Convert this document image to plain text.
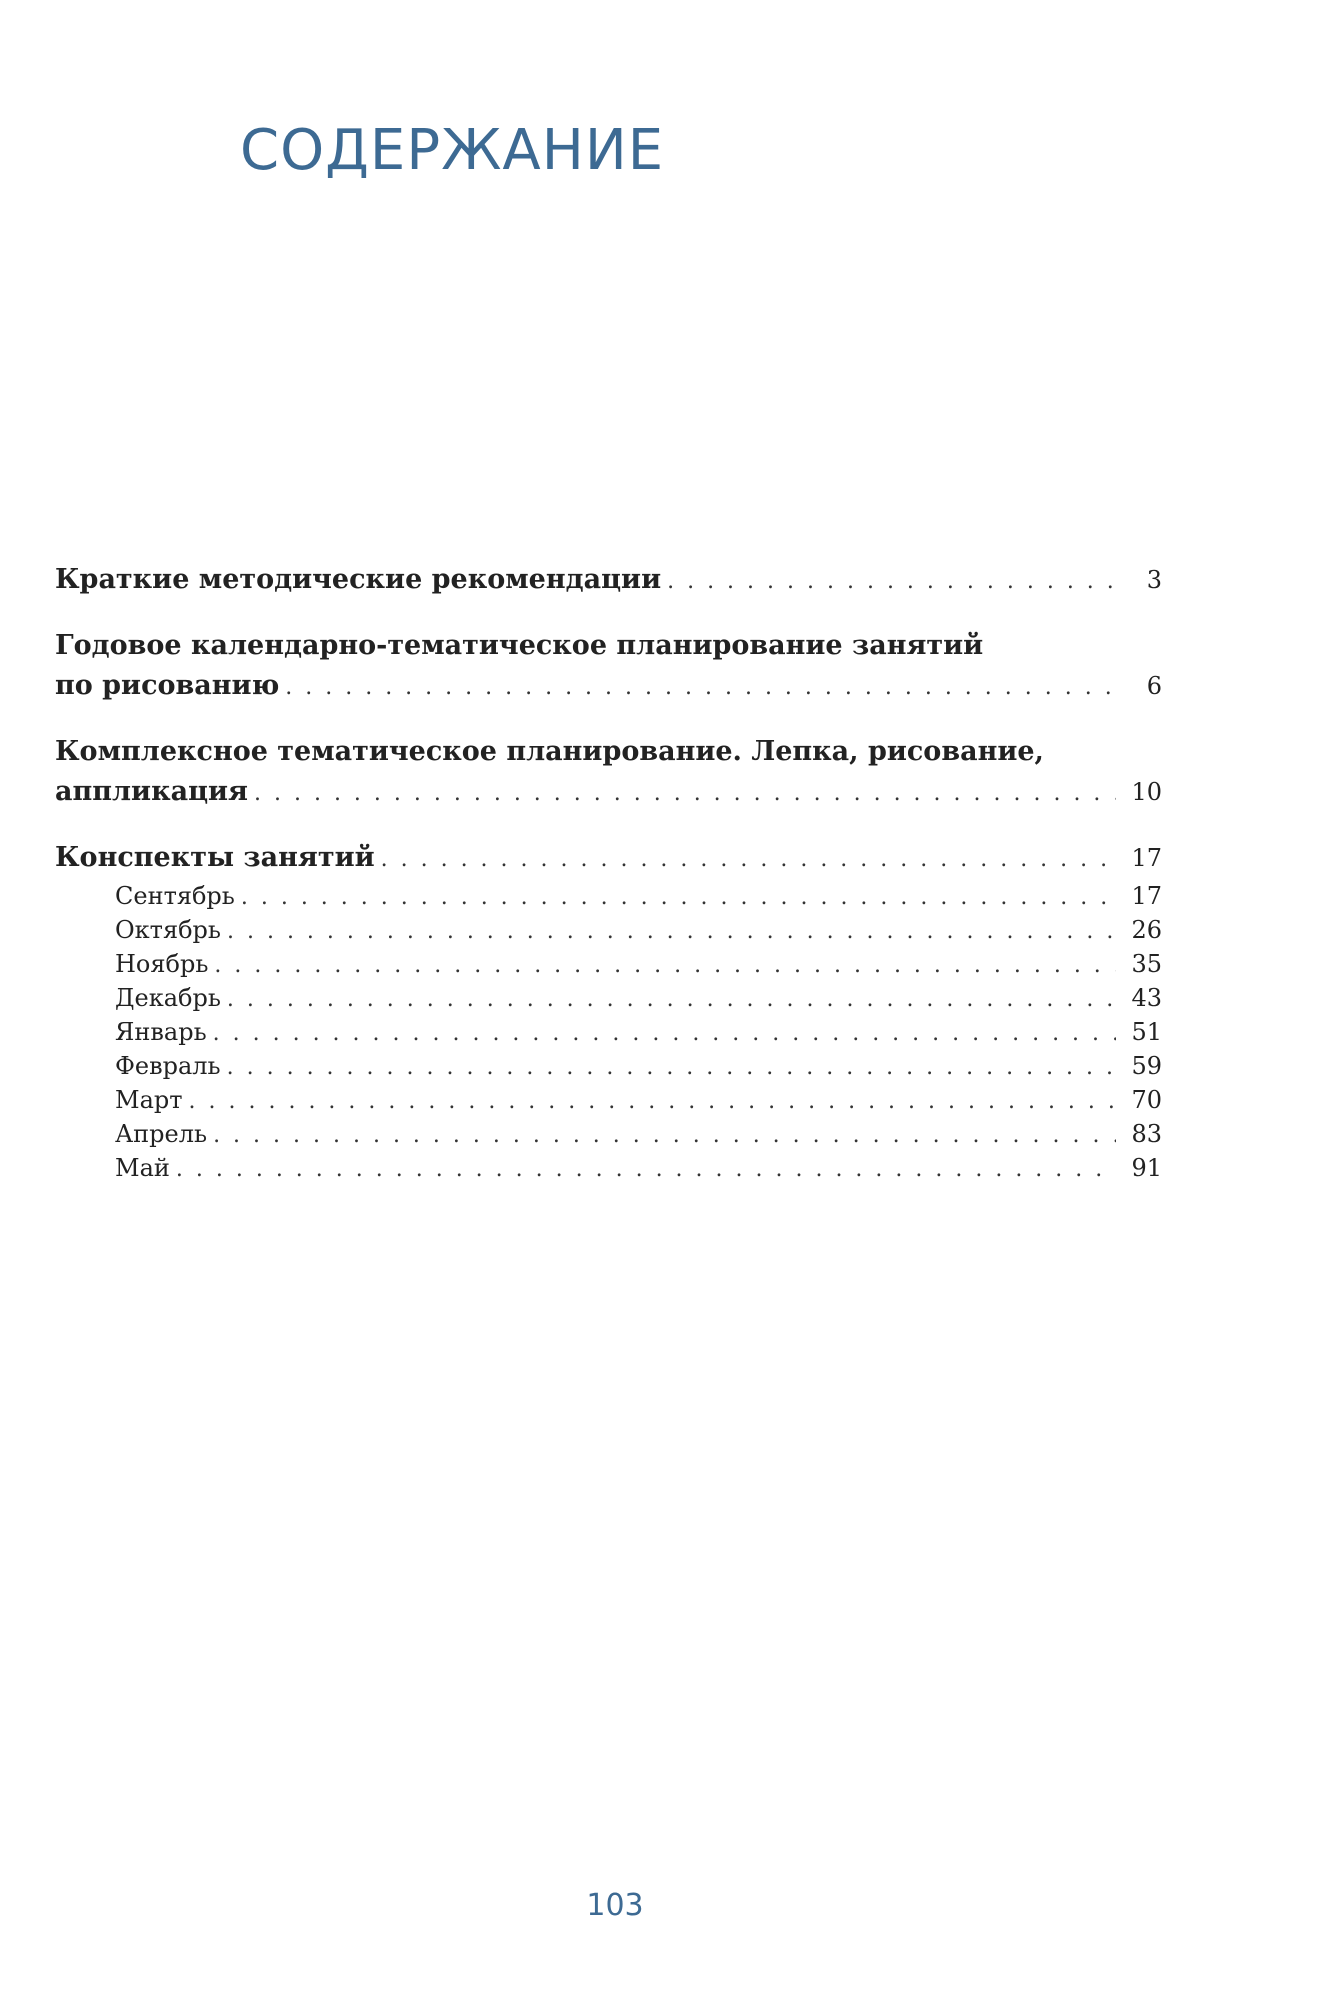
СОДЕРЖАНИЕ
Краткие методические рекомендации . . .	3
Годовое календарно-тематическое планирование занятий
по рисованию . . .	6
Комплексное тематическое планирование. Лепка, рисование,
аппликация . . .	10
Конспекты занятий . . .	17
Сентябрь . . .	17
Октябрь . . .	26
Ноябрь . . .	35
Декабрь . . .	43
Январь . . .	51
Февраль . . .	59
Март . . .	70
Апрель . . .	83
Май . . .	91
103
